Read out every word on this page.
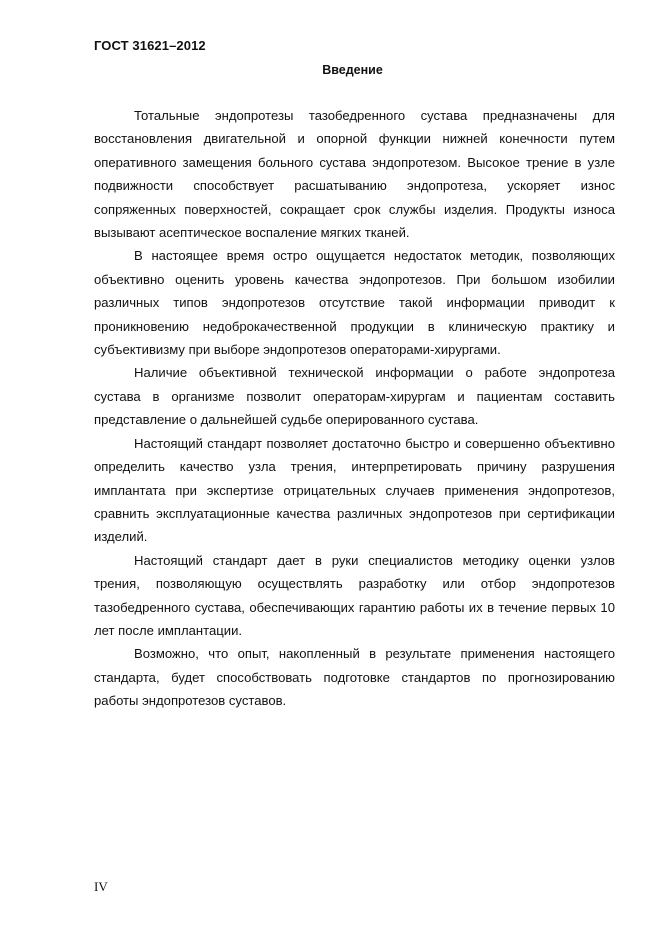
ГОСТ 31621–2012
Введение

Тотальные эндопротезы тазобедренного сустава предназначены для восстановления двигательной и опорной функции нижней конечности путем оперативного замещения больного сустава эндопротезом. Высокое трение в узле подвижности способствует расшатыванию эндопротеза, ускоряет износ сопряженных поверхностей, сокращает срок службы изделия. Продукты износа вызывают асептическое воспаление мягких тканей.

В настоящее время остро ощущается недостаток методик, позволяющих объективно оценить уровень качества эндопротезов. При большом изобилии различных типов эндопротезов отсутствие такой информации приводит к проникновению недоброкачественной продукции в клиническую практику и субъективизму при выборе эндопротезов операторами-хирургами.

Наличие объективной технической информации о работе эндопротеза сустава в организме позволит операторам-хирургам и пациентам составить представление о дальнейшей судьбе оперированного сустава.

Настоящий стандарт позволяет достаточно быстро и совершенно объективно определить качество узла трения, интерпретировать причину разрушения имплантата при экспертизе отрицательных случаев применения эндопротезов, сравнить эксплуатационные качества различных эндопротезов при сертификации изделий.

Настоящий стандарт дает в руки специалистов методику оценки узлов трения, позволяющую осуществлять разработку или отбор эндопротезов тазобедренного сустава, обеспечивающих гарантию работы их в течение первых 10 лет после имплантации.

Возможно, что опыт, накопленный в результате применения настоящего стандарта, будет способствовать подготовке стандартов по прогнозированию работы эндопротезов суставов.

IV
